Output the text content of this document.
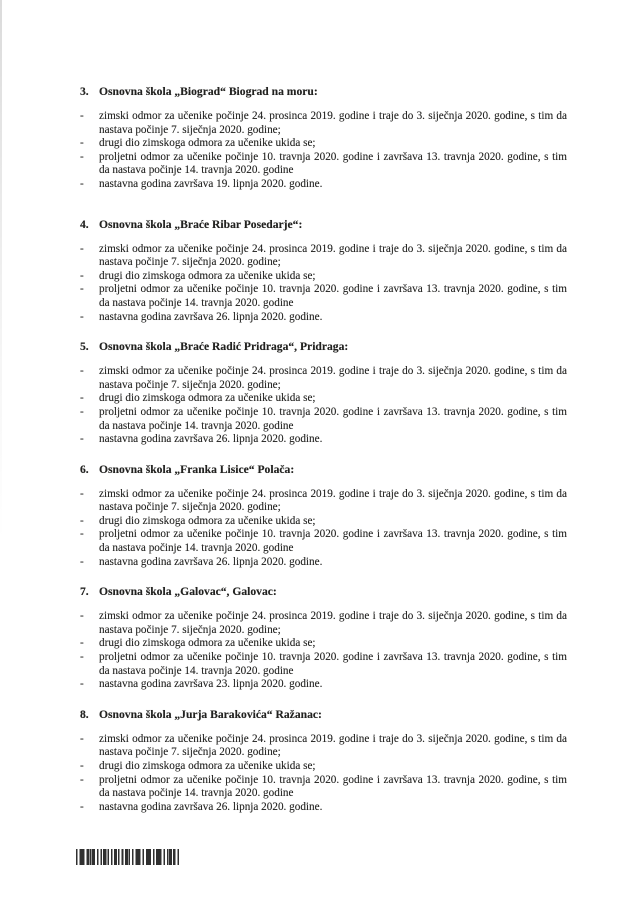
3. Osnovna škola „Biograd“ Biograd na moru:
-	zimski odmor za učenike počinje 24. prosinca 2019. godine i traje do 3. siječnja 2020. godine, s tim da nastava počinje 7. siječnja 2020. godine;
-	drugi dio zimskoga odmora za učenike ukida se;
-	proljetni odmor za učenike počinje 10. travnja 2020. godine i završava 13. travnja 2020. godine, s tim da nastava počinje 14. travnja 2020. godine
-	nastavna godina završava 19. lipnja 2020. godine.
4. Osnovna škola „Braće Ribar Posedarje“:
-	zimski odmor za učenike počinje 24. prosinca 2019. godine i traje do 3. siječnja 2020. godine, s tim da nastava počinje 7. siječnja 2020. godine;
-	drugi dio zimskoga odmora za učenike ukida se;
-	proljetni odmor za učenike počinje 10. travnja 2020. godine i završava 13. travnja 2020. godine, s tim da nastava počinje 14. travnja 2020. godine
-	nastavna godina završava 26. lipnja 2020. godine.
5. Osnovna škola „Braće Radić Pridraga“, Pridraga:
-	zimski odmor za učenike počinje 24. prosinca 2019. godine i traje do 3. siječnja 2020. godine, s tim da nastava počinje 7. siječnja 2020. godine;
-	drugi dio zimskoga odmora za učenike ukida se;
-	proljetni odmor za učenike počinje 10. travnja 2020. godine i završava 13. travnja 2020. godine, s tim da nastava počinje 14. travnja 2020. godine
-	nastavna godina završava 26. lipnja 2020. godine.
6. Osnovna škola „Franka Lisice“ Polača:
-	zimski odmor za učenike počinje 24. prosinca 2019. godine i traje do 3. siječnja 2020. godine, s tim da nastava počinje 7. siječnja 2020. godine;
-	drugi dio zimskoga odmora za učenike ukida se;
-	proljetni odmor za učenike počinje 10. travnja 2020. godine i završava 13. travnja 2020. godine, s tim da nastava počinje 14. travnja 2020. godine
-	nastavna godina završava 26. lipnja 2020. godine.
7. Osnovna škola „Galovac“, Galovac:
-	zimski odmor za učenike počinje 24. prosinca 2019. godine i traje do 3. siječnja 2020. godine, s tim da nastava počinje 7. siječnja 2020. godine;
-	drugi dio zimskoga odmora za učenike ukida se;
-	proljetni odmor za učenike počinje 10. travnja 2020. godine i završava 13. travnja 2020. godine, s tim da nastava počinje 14. travnja 2020. godine
-	nastavna godina završava 23. lipnja 2020. godine.
8. Osnovna škola „Jurja Barakovića“ Ražanac:
-	zimski odmor za učenike počinje 24. prosinca 2019. godine i traje do 3. siječnja 2020. godine, s tim da nastava počinje 7. siječnja 2020. godine;
-	drugi dio zimskoga odmora za učenike ukida se;
-	proljetni odmor za učenike počinje 10. travnja 2020. godine i završava 13. travnja 2020. godine, s tim da nastava počinje 14. travnja 2020. godine
-	nastavna godina završava 26. lipnja 2020. godine.
